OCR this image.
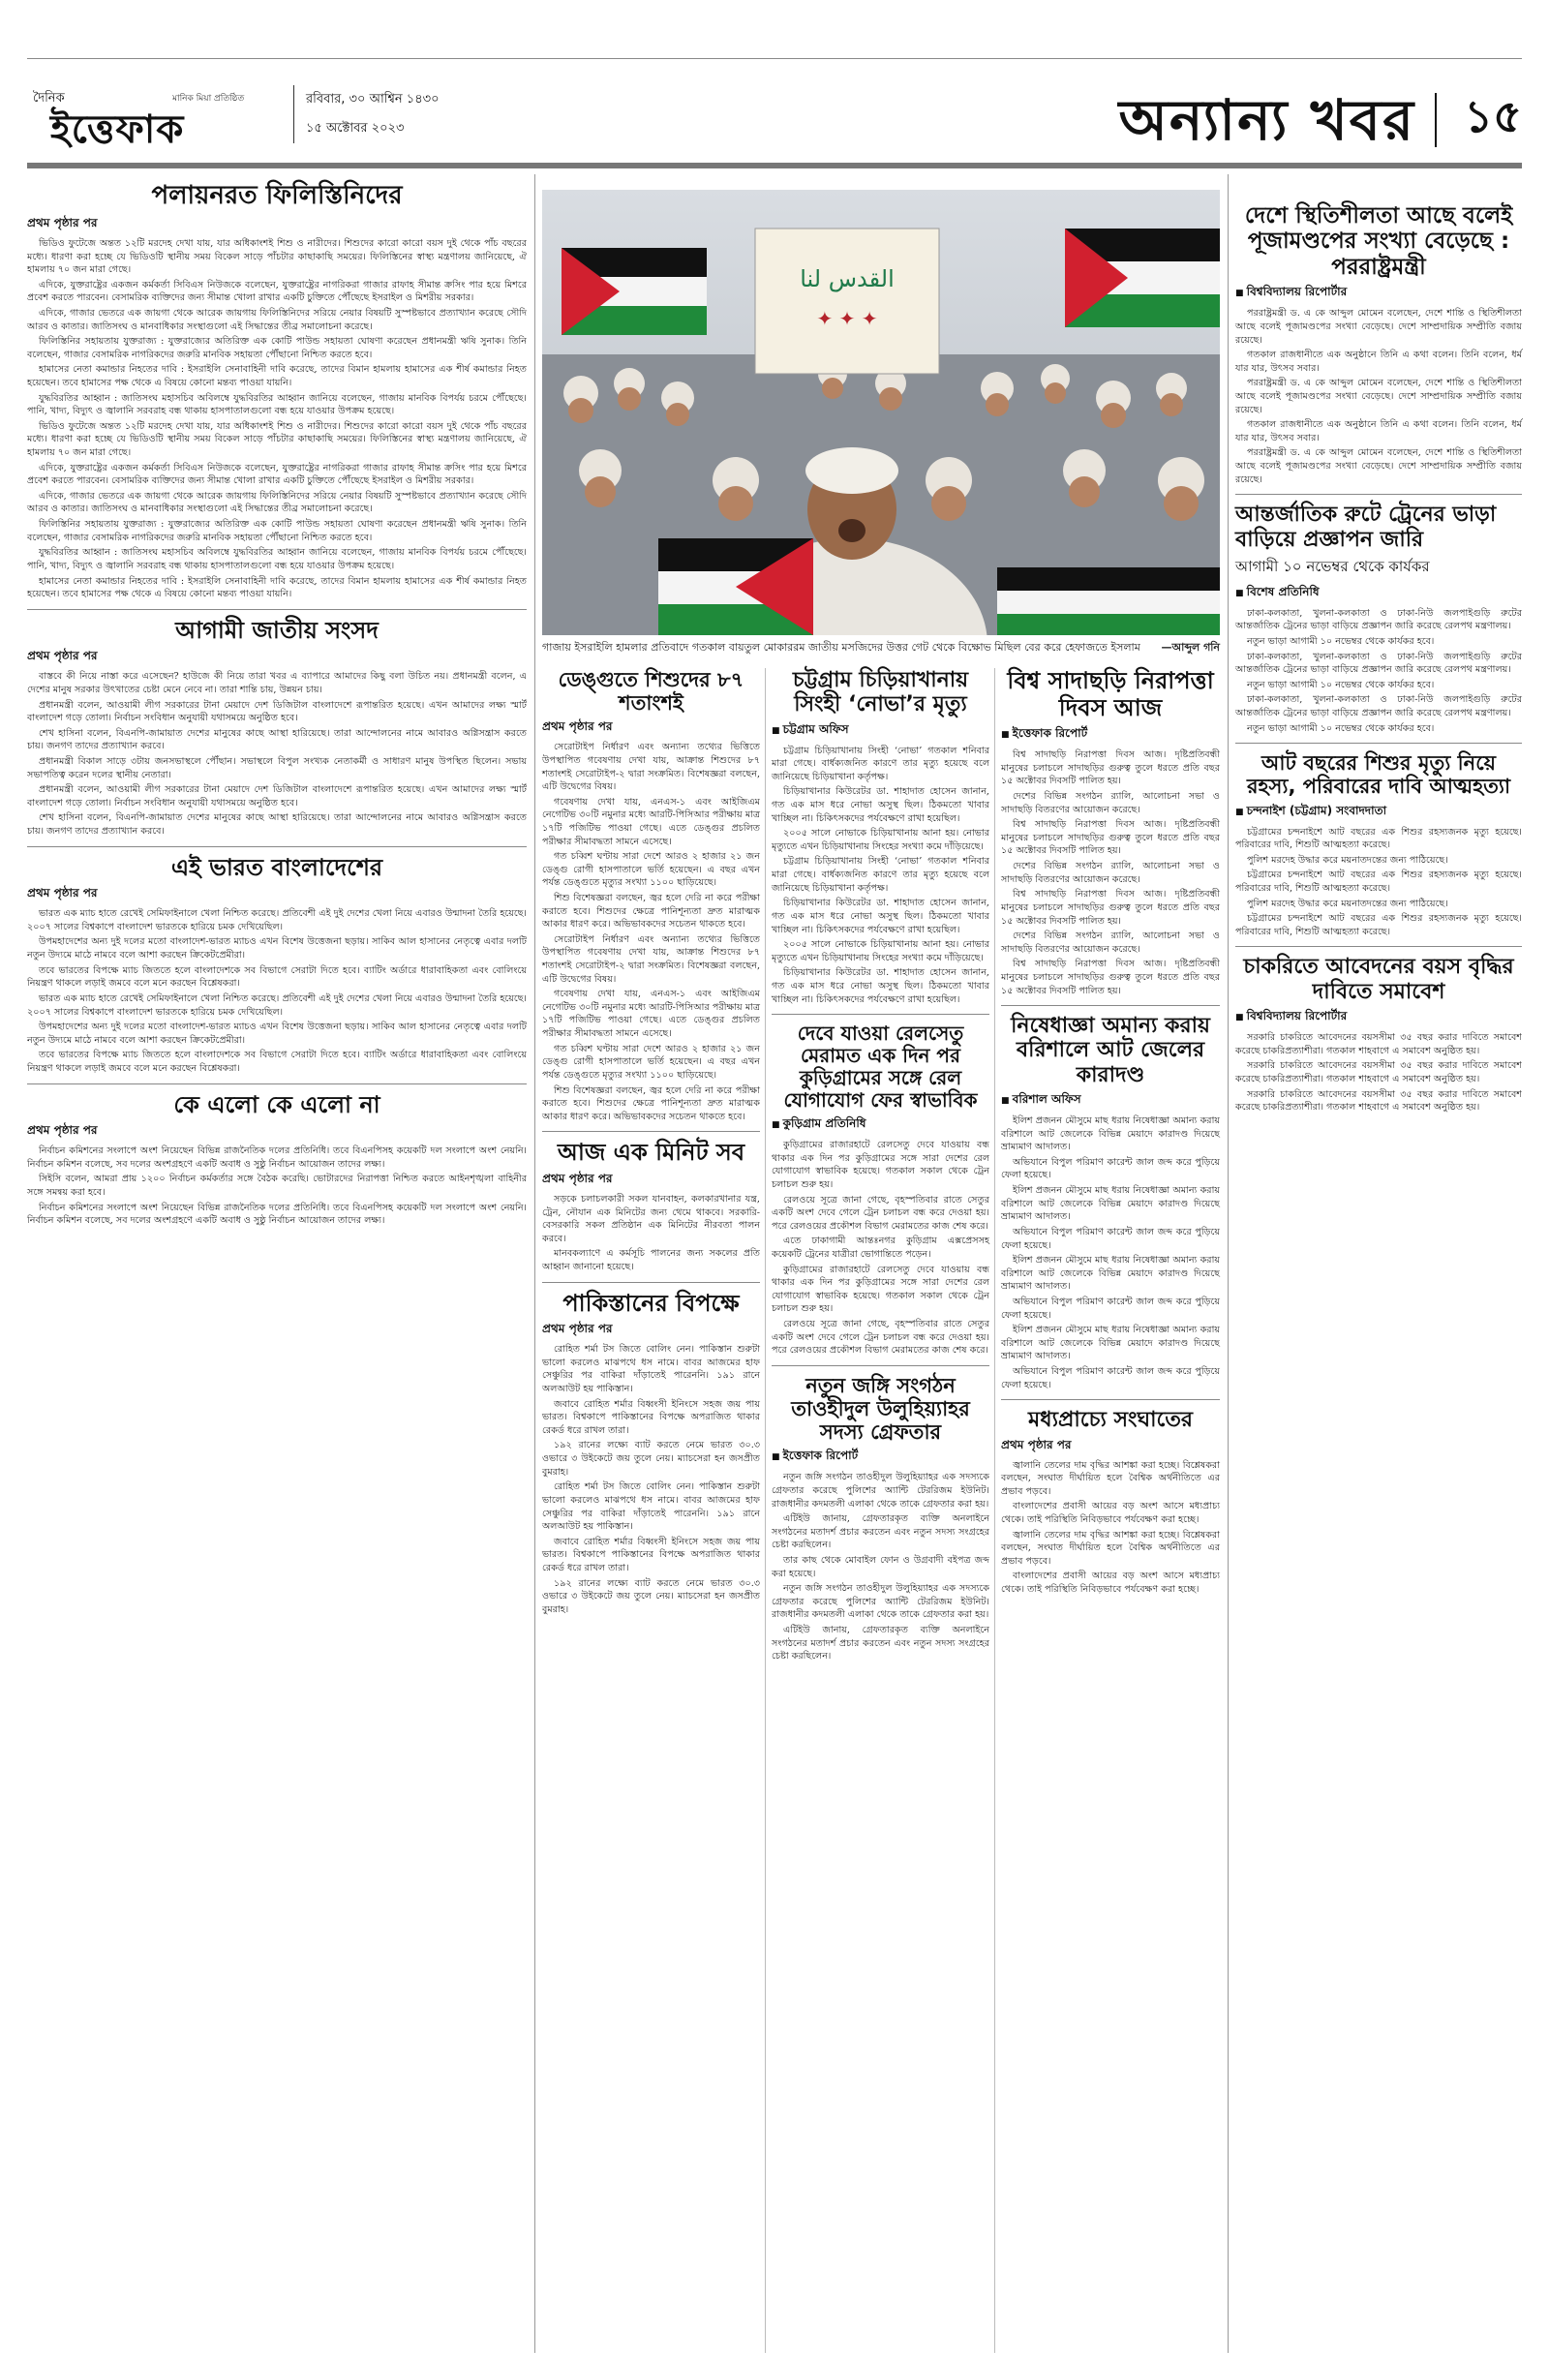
দৈনিক	মানিক মিয়া প্রতিষ্ঠিত
ইত্তেফাক
রবিবার, ৩০ আশ্বিন ১৪৩০
১৫ অক্টোবর ২০২৩	অন্যান্য খবর ১৫
পলায়নরত ফিলিস্তিনিদের
প্রথম পৃষ্ঠার পর

ভিডিও ফুটেজে অন্তত ১২টি মরদেহ দেখা যায়, যার অধিকাংশই শিশু ও নারীদের। শিশুদের কারো কারো বয়স দুই থেকে পাঁচ বছরের মধ্যে। ধারণা করা হচ্ছে যে ভিডিওটি স্থানীয় সময় বিকেল সাড়ে পাঁচটার কাছাকাছি সময়ের। ফিলিস্তিনের স্বাস্থ্য মন্ত্রণালয় জানিয়েছে, ঐ হামলায় ৭০ জন মারা গেছে।

এদিকে, যুক্তরাষ্ট্রের একজন কর্মকর্তা সিবিএস নিউজকে বলেছেন, যুক্তরাষ্ট্রের নাগরিকরা গাজার রাফাহ সীমান্ত ক্রসিং পার হয়ে মিশরে প্রবেশ করতে পারবেন। বেসামরিক ব্যক্তিদের জন্য সীমান্ত খোলা রাখার একটি চুক্তিতে পৌঁছেছে ইসরাইল ও মিশরীয় সরকার।

এদিকে, গাজার ভেতরে এক জায়গা থেকে আরেক জায়গায় ফিলিস্তিনিদের সরিয়ে নেয়ার বিষয়টি সুস্পষ্টভাবে প্রত্যাখ্যান করেছে সৌদি আরব ও কাতার। জাতিসংঘ ও মানবাধিকার সংস্থাগুলো এই সিদ্ধান্তের তীব্র সমালোচনা করেছে।

ফিলিস্তিনির সহায়তায় যুক্তরাজ্য : যুক্তরাজ্যের অতিরিক্ত এক কোটি পাউন্ড সহায়তা ঘোষণা করেছেন প্রধানমন্ত্রী ঋষি সুনাক। তিনি বলেছেন, গাজার বেসামরিক নাগরিকদের জরুরি মানবিক সহায়তা পৌঁছানো নিশ্চিত করতে হবে।

হামাসের নেতা কমান্ডার নিহতের দাবি : ইসরাইলি সেনাবাহিনী দাবি করেছে, তাদের বিমান হামলায় হামাসের এক শীর্ষ কমান্ডার নিহত হয়েছেন। তবে হামাসের পক্ষ থেকে এ বিষয়ে কোনো মন্তব্য পাওয়া যায়নি।

যুদ্ধবিরতির আহ্বান : জাতিসংঘ মহাসচিব অবিলম্বে যুদ্ধবিরতির আহ্বান জানিয়ে বলেছেন, গাজায় মানবিক বিপর্যয় চরমে পৌঁছেছে। পানি, খাদ্য, বিদ্যুৎ ও জ্বালানি সরবরাহ বন্ধ থাকায় হাসপাতালগুলো বন্ধ হয়ে যাওয়ার উপক্রম হয়েছে।

ভিডিও ফুটেজে অন্তত ১২টি মরদেহ দেখা যায়, যার অধিকাংশই শিশু ও নারীদের। শিশুদের কারো কারো বয়স দুই থেকে পাঁচ বছরের মধ্যে। ধারণা করা হচ্ছে যে ভিডিওটি স্থানীয় সময় বিকেল সাড়ে পাঁচটার কাছাকাছি সময়ের। ফিলিস্তিনের স্বাস্থ্য মন্ত্রণালয় জানিয়েছে, ঐ হামলায় ৭০ জন মারা গেছে।

এদিকে, যুক্তরাষ্ট্রের একজন কর্মকর্তা সিবিএস নিউজকে বলেছেন, যুক্তরাষ্ট্রের নাগরিকরা গাজার রাফাহ সীমান্ত ক্রসিং পার হয়ে মিশরে প্রবেশ করতে পারবেন। বেসামরিক ব্যক্তিদের জন্য সীমান্ত খোলা রাখার একটি চুক্তিতে পৌঁছেছে ইসরাইল ও মিশরীয় সরকার।

এদিকে, গাজার ভেতরে এক জায়গা থেকে আরেক জায়গায় ফিলিস্তিনিদের সরিয়ে নেয়ার বিষয়টি সুস্পষ্টভাবে প্রত্যাখ্যান করেছে সৌদি আরব ও কাতার। জাতিসংঘ ও মানবাধিকার সংস্থাগুলো এই সিদ্ধান্তের তীব্র সমালোচনা করেছে।

ফিলিস্তিনির সহায়তায় যুক্তরাজ্য : যুক্তরাজ্যের অতিরিক্ত এক কোটি পাউন্ড সহায়তা ঘোষণা করেছেন প্রধানমন্ত্রী ঋষি সুনাক। তিনি বলেছেন, গাজার বেসামরিক নাগরিকদের জরুরি মানবিক সহায়তা পৌঁছানো নিশ্চিত করতে হবে।

যুদ্ধবিরতির আহ্বান : জাতিসংঘ মহাসচিব অবিলম্বে যুদ্ধবিরতির আহ্বান জানিয়ে বলেছেন, গাজায় মানবিক বিপর্যয় চরমে পৌঁছেছে। পানি, খাদ্য, বিদ্যুৎ ও জ্বালানি সরবরাহ বন্ধ থাকায় হাসপাতালগুলো বন্ধ হয়ে যাওয়ার উপক্রম হয়েছে।

হামাসের নেতা কমান্ডার নিহতের দাবি : ইসরাইলি সেনাবাহিনী দাবি করেছে, তাদের বিমান হামলায় হামাসের এক শীর্ষ কমান্ডার নিহত হয়েছেন। তবে হামাসের পক্ষ থেকে এ বিষয়ে কোনো মন্তব্য পাওয়া যায়নি।

আগামী জাতীয় সংসদ
প্রথম পৃষ্ঠার পর

বাস্তবে কী নিয়ে নাস্তা করে এসেছেন? হাউজে কী নিয়ে তারা খবর এ ব্যাপারে আমাদের কিছু বলা উচিত নয়। প্রধানমন্ত্রী বলেন, এ দেশের মানুষ সরকার উৎখাতের চেষ্টা মেনে নেবে না। তারা শান্তি চায়, উন্নয়ন চায়।

প্রধানমন্ত্রী বলেন, আওয়ামী লীগ সরকারের টানা মেয়াদে দেশ ডিজিটাল বাংলাদেশে রূপান্তরিত হয়েছে। এখন আমাদের লক্ষ্য স্মার্ট বাংলাদেশ গড়ে তোলা। নির্বাচন সংবিধান অনুযায়ী যথাসময়ে অনুষ্ঠিত হবে।

শেখ হাসিনা বলেন, বিএনপি-জামায়াত দেশের মানুষের কাছে আস্থা হারিয়েছে। তারা আন্দোলনের নামে আবারও অগ্নিসন্ত্রাস করতে চায়। জনগণ তাদের প্রত্যাখ্যান করবে।

প্রধানমন্ত্রী বিকাল সাড়ে ৩টায় জনসভাস্থলে পৌঁছান। সভাস্থলে বিপুল সংখ্যক নেতাকর্মী ও সাধারণ মানুষ উপস্থিত ছিলেন। সভায় সভাপতিত্ব করেন দলের স্থানীয় নেতারা।

প্রধানমন্ত্রী বলেন, আওয়ামী লীগ সরকারের টানা মেয়াদে দেশ ডিজিটাল বাংলাদেশে রূপান্তরিত হয়েছে। এখন আমাদের লক্ষ্য স্মার্ট বাংলাদেশ গড়ে তোলা। নির্বাচন সংবিধান অনুযায়ী যথাসময়ে অনুষ্ঠিত হবে।

শেখ হাসিনা বলেন, বিএনপি-জামায়াত দেশের মানুষের কাছে আস্থা হারিয়েছে। তারা আন্দোলনের নামে আবারও অগ্নিসন্ত্রাস করতে চায়। জনগণ তাদের প্রত্যাখ্যান করবে।

এই ভারত বাংলাদেশের
প্রথম পৃষ্ঠার পর

ভারত এক ম্যাচ হাতে রেখেই সেমিফাইনালে খেলা নিশ্চিত করেছে। প্রতিবেশী এই দুই দেশের খেলা নিয়ে এবারও উন্মাদনা তৈরি হয়েছে। ২০০৭ সালের বিশ্বকাপে বাংলাদেশ ভারতকে হারিয়ে চমক দেখিয়েছিল।

উপমহাদেশের অন্য দুই দলের মতো বাংলাদেশ-ভারত ম্যাচও এখন বিশেষ উত্তেজনা ছড়ায়। সাকিব আল হাসানের নেতৃত্বে এবার দলটি নতুন উদ্যমে মাঠে নামবে বলে আশা করছেন ক্রিকেটপ্রেমীরা।

তবে ভারতের বিপক্ষে ম্যাচ জিততে হলে বাংলাদেশকে সব বিভাগে সেরাটা দিতে হবে। ব্যাটিং অর্ডারে ধারাবাহিকতা এবং বোলিংয়ে নিয়ন্ত্রণ থাকলে লড়াই জমবে বলে মনে করছেন বিশ্লেষকরা।

ভারত এক ম্যাচ হাতে রেখেই সেমিফাইনালে খেলা নিশ্চিত করেছে। প্রতিবেশী এই দুই দেশের খেলা নিয়ে এবারও উন্মাদনা তৈরি হয়েছে। ২০০৭ সালের বিশ্বকাপে বাংলাদেশ ভারতকে হারিয়ে চমক দেখিয়েছিল।

উপমহাদেশের অন্য দুই দলের মতো বাংলাদেশ-ভারত ম্যাচও এখন বিশেষ উত্তেজনা ছড়ায়। সাকিব আল হাসানের নেতৃত্বে এবার দলটি নতুন উদ্যমে মাঠে নামবে বলে আশা করছেন ক্রিকেটপ্রেমীরা।

তবে ভারতের বিপক্ষে ম্যাচ জিততে হলে বাংলাদেশকে সব বিভাগে সেরাটা দিতে হবে। ব্যাটিং অর্ডারে ধারাবাহিকতা এবং বোলিংয়ে নিয়ন্ত্রণ থাকলে লড়াই জমবে বলে মনে করছেন বিশ্লেষকরা।

কে এলো কে এলো না
প্রথম পৃষ্ঠার পর

নির্বাচন কমিশনের সংলাপে অংশ নিয়েছেন বিভিন্ন রাজনৈতিক দলের প্রতিনিধি। তবে বিএনপিসহ কয়েকটি দল সংলাপে অংশ নেয়নি। নির্বাচন কমিশন বলেছে, সব দলের অংশগ্রহণে একটি অবাধ ও সুষ্ঠু নির্বাচন আয়োজন তাদের লক্ষ্য।

সিইসি বলেন, আমরা প্রায় ১২০০ নির্বাচন কর্মকর্তার সঙ্গে বৈঠক করেছি। ভোটারদের নিরাপত্তা নিশ্চিত করতে আইনশৃঙ্খলা বাহিনীর সঙ্গে সমন্বয় করা হবে।

নির্বাচন কমিশনের সংলাপে অংশ নিয়েছেন বিভিন্ন রাজনৈতিক দলের প্রতিনিধি। তবে বিএনপিসহ কয়েকটি দল সংলাপে অংশ নেয়নি। নির্বাচন কমিশন বলেছে, সব দলের অংশগ্রহণে একটি অবাধ ও সুষ্ঠু নির্বাচন আয়োজন তাদের লক্ষ্য।

القدس لنا
✦ ✦ ✦
গাজায় ইসরাইলি হামলার প্রতিবাদে গতকাল বায়তুল মোকাররম জাতীয় মসজিদের উত্তর গেট থেকে বিক্ষোভ মিছিল বের করে হেফাজতে ইসলাম —আব্দুল গনি
ডেঙ্গুতে শিশুদের ৮৭ শতাংশই
প্রথম পৃষ্ঠার পর

সেরোটাইপ নির্ধারণ এবং অন্যান্য তথ্যের ভিত্তিতে উপস্থাপিত গবেষণায় দেখা যায়, আক্রান্ত শিশুদের ৮৭ শতাংশই সেরোটাইপ-২ দ্বারা সংক্রমিত। বিশেষজ্ঞরা বলছেন, এটি উদ্বেগের বিষয়।

গবেষণায় দেখা যায়, এনএস-১ এবং আইজিএম নেগেটিভ ৩০টি নমুনার মধ্যে আরটি-পিসিআর পরীক্ষায় মাত্র ১৭টি পজিটিভ পাওয়া গেছে। এতে ডেঙ্গুর প্রচলিত পরীক্ষার সীমাবদ্ধতা সামনে এসেছে।

গত চব্বিশ ঘণ্টায় সারা দেশে আরও ২ হাজার ২১ জন ডেঙ্গু রোগী হাসপাতালে ভর্তি হয়েছেন। এ বছর এখন পর্যন্ত ডেঙ্গুতে মৃত্যুর সংখ্যা ১১০০ ছাড়িয়েছে।

শিশু বিশেষজ্ঞরা বলছেন, জ্বর হলে দেরি না করে পরীক্ষা করাতে হবে। শিশুদের ক্ষেত্রে পানিশূন্যতা দ্রুত মারাত্মক আকার ধারণ করে। অভিভাবকদের সচেতন থাকতে হবে।

সেরোটাইপ নির্ধারণ এবং অন্যান্য তথ্যের ভিত্তিতে উপস্থাপিত গবেষণায় দেখা যায়, আক্রান্ত শিশুদের ৮৭ শতাংশই সেরোটাইপ-২ দ্বারা সংক্রমিত। বিশেষজ্ঞরা বলছেন, এটি উদ্বেগের বিষয়।

গবেষণায় দেখা যায়, এনএস-১ এবং আইজিএম নেগেটিভ ৩০টি নমুনার মধ্যে আরটি-পিসিআর পরীক্ষায় মাত্র ১৭টি পজিটিভ পাওয়া গেছে। এতে ডেঙ্গুর প্রচলিত পরীক্ষার সীমাবদ্ধতা সামনে এসেছে।

গত চব্বিশ ঘণ্টায় সারা দেশে আরও ২ হাজার ২১ জন ডেঙ্গু রোগী হাসপাতালে ভর্তি হয়েছেন। এ বছর এখন পর্যন্ত ডেঙ্গুতে মৃত্যুর সংখ্যা ১১০০ ছাড়িয়েছে।

শিশু বিশেষজ্ঞরা বলছেন, জ্বর হলে দেরি না করে পরীক্ষা করাতে হবে। শিশুদের ক্ষেত্রে পানিশূন্যতা দ্রুত মারাত্মক আকার ধারণ করে। অভিভাবকদের সচেতন থাকতে হবে।

আজ এক মিনিট সব
প্রথম পৃষ্ঠার পর

সড়কে চলাচলকারী সকল যানবাহন, কলকারখানার যন্ত্র, ট্রেন, নৌযান এক মিনিটের জন্য থেমে থাকবে। সরকারি-বেসরকারি সকল প্রতিষ্ঠান এক মিনিটের নীরবতা পালন করবে।

মানবকল্যাণে এ কর্মসূচি পালনের জন্য সকলের প্রতি আহ্বান জানানো হয়েছে।

পাকিস্তানের বিপক্ষে
প্রথম পৃষ্ঠার পর

রোহিত শর্মা টস জিতে বোলিং নেন। পাকিস্তান শুরুটা ভালো করলেও মাঝপথে ধস নামে। বাবর আজমের হাফ সেঞ্চুরির পর বাকিরা দাঁড়াতেই পারেননি। ১৯১ রানে অলআউট হয় পাকিস্তান।

জবাবে রোহিত শর্মার বিধ্বংসী ইনিংসে সহজ জয় পায় ভারত। বিশ্বকাপে পাকিস্তানের বিপক্ষে অপরাজিত থাকার রেকর্ড ধরে রাখল তারা।

১৯২ রানের লক্ষ্যে ব্যাট করতে নেমে ভারত ৩০.৩ ওভারে ৩ উইকেটে জয় তুলে নেয়। ম্যাচসেরা হন জসপ্রীত বুমরাহ।

রোহিত শর্মা টস জিতে বোলিং নেন। পাকিস্তান শুরুটা ভালো করলেও মাঝপথে ধস নামে। বাবর আজমের হাফ সেঞ্চুরির পর বাকিরা দাঁড়াতেই পারেননি। ১৯১ রানে অলআউট হয় পাকিস্তান।

জবাবে রোহিত শর্মার বিধ্বংসী ইনিংসে সহজ জয় পায় ভারত। বিশ্বকাপে পাকিস্তানের বিপক্ষে অপরাজিত থাকার রেকর্ড ধরে রাখল তারা।

১৯২ রানের লক্ষ্যে ব্যাট করতে নেমে ভারত ৩০.৩ ওভারে ৩ উইকেটে জয় তুলে নেয়। ম্যাচসেরা হন জসপ্রীত বুমরাহ।

চট্টগ্রাম চিড়িয়াখানায় সিংহী ‘নোভা’র মৃত্যু
■ চট্টগ্রাম অফিস

চট্টগ্রাম চিড়িয়াখানায় সিংহী ‘নোভা’ গতকাল শনিবার মারা গেছে। বার্ধক্যজনিত কারণে তার মৃত্যু হয়েছে বলে জানিয়েছে চিড়িয়াখানা কর্তৃপক্ষ।

চিড়িয়াখানার কিউরেটর ডা. শাহাদাত হোসেন জানান, গত এক মাস ধরে নোভা অসুস্থ ছিল। ঠিকমতো খাবার খাচ্ছিল না। চিকিৎসকদের পর্যবেক্ষণে রাখা হয়েছিল।

২০০৫ সালে নোভাকে চিড়িয়াখানায় আনা হয়। নোভার মৃত্যুতে এখন চিড়িয়াখানায় সিংহের সংখ্যা কমে দাঁড়িয়েছে।

চট্টগ্রাম চিড়িয়াখানায় সিংহী ‘নোভা’ গতকাল শনিবার মারা গেছে। বার্ধক্যজনিত কারণে তার মৃত্যু হয়েছে বলে জানিয়েছে চিড়িয়াখানা কর্তৃপক্ষ।

চিড়িয়াখানার কিউরেটর ডা. শাহাদাত হোসেন জানান, গত এক মাস ধরে নোভা অসুস্থ ছিল। ঠিকমতো খাবার খাচ্ছিল না। চিকিৎসকদের পর্যবেক্ষণে রাখা হয়েছিল।

২০০৫ সালে নোভাকে চিড়িয়াখানায় আনা হয়। নোভার মৃত্যুতে এখন চিড়িয়াখানায় সিংহের সংখ্যা কমে দাঁড়িয়েছে।

চিড়িয়াখানার কিউরেটর ডা. শাহাদাত হোসেন জানান, গত এক মাস ধরে নোভা অসুস্থ ছিল। ঠিকমতো খাবার খাচ্ছিল না। চিকিৎসকদের পর্যবেক্ষণে রাখা হয়েছিল।

দেবে যাওয়া রেলসেতু মেরামত এক দিন পর কুড়িগ্রামের সঙ্গে রেল যোগাযোগ ফের স্বাভাবিক
■ কুড়িগ্রাম প্রতিনিধি

কুড়িগ্রামের রাজারহাটে রেলসেতু দেবে যাওয়ায় বন্ধ থাকার এক দিন পর কুড়িগ্রামের সঙ্গে সারা দেশের রেল যোগাযোগ স্বাভাবিক হয়েছে। গতকাল সকাল থেকে ট্রেন চলাচল শুরু হয়।

রেলওয়ে সূত্রে জানা গেছে, বৃহস্পতিবার রাতে সেতুর একটি অংশ দেবে গেলে ট্রেন চলাচল বন্ধ করে দেওয়া হয়। পরে রেলওয়ের প্রকৌশল বিভাগ মেরামতের কাজ শেষ করে।

এতে ঢাকাগামী আন্তঃনগর কুড়িগ্রাম এক্সপ্রেসসহ কয়েকটি ট্রেনের যাত্রীরা ভোগান্তিতে পড়েন।

কুড়িগ্রামের রাজারহাটে রেলসেতু দেবে যাওয়ায় বন্ধ থাকার এক দিন পর কুড়িগ্রামের সঙ্গে সারা দেশের রেল যোগাযোগ স্বাভাবিক হয়েছে। গতকাল সকাল থেকে ট্রেন চলাচল শুরু হয়।

রেলওয়ে সূত্রে জানা গেছে, বৃহস্পতিবার রাতে সেতুর একটি অংশ দেবে গেলে ট্রেন চলাচল বন্ধ করে দেওয়া হয়। পরে রেলওয়ের প্রকৌশল বিভাগ মেরামতের কাজ শেষ করে।

নতুন জঙ্গি সংগঠন তাওহীদুল উলুহিয়্যাহর সদস্য গ্রেফতার
■ ইত্তেফাক রিপোর্ট

নতুন জঙ্গি সংগঠন তাওহীদুল উলুহিয়্যাহর এক সদস্যকে গ্রেফতার করেছে পুলিশের অ্যান্টি টেররিজম ইউনিট। রাজধানীর কদমতলী এলাকা থেকে তাকে গ্রেফতার করা হয়।

এটিইউ জানায়, গ্রেফতারকৃত ব্যক্তি অনলাইনে সংগঠনের মতাদর্শ প্রচার করতেন এবং নতুন সদস্য সংগ্রহের চেষ্টা করছিলেন।

তার কাছ থেকে মোবাইল ফোন ও উগ্রবাদী বইপত্র জব্দ করা হয়েছে।

নতুন জঙ্গি সংগঠন তাওহীদুল উলুহিয়্যাহর এক সদস্যকে গ্রেফতার করেছে পুলিশের অ্যান্টি টেররিজম ইউনিট। রাজধানীর কদমতলী এলাকা থেকে তাকে গ্রেফতার করা হয়।

এটিইউ জানায়, গ্রেফতারকৃত ব্যক্তি অনলাইনে সংগঠনের মতাদর্শ প্রচার করতেন এবং নতুন সদস্য সংগ্রহের চেষ্টা করছিলেন।

বিশ্ব সাদাছড়ি নিরাপত্তা দিবস আজ
■ ইত্তেফাক রিপোর্ট

বিশ্ব সাদাছড়ি নিরাপত্তা দিবস আজ। দৃষ্টিপ্রতিবন্ধী মানুষের চলাচলে সাদাছড়ির গুরুত্ব তুলে ধরতে প্রতি বছর ১৫ অক্টোবর দিবসটি পালিত হয়।

দেশের বিভিন্ন সংগঠন র‌্যালি, আলোচনা সভা ও সাদাছড়ি বিতরণের আয়োজন করেছে।

বিশ্ব সাদাছড়ি নিরাপত্তা দিবস আজ। দৃষ্টিপ্রতিবন্ধী মানুষের চলাচলে সাদাছড়ির গুরুত্ব তুলে ধরতে প্রতি বছর ১৫ অক্টোবর দিবসটি পালিত হয়।

দেশের বিভিন্ন সংগঠন র‌্যালি, আলোচনা সভা ও সাদাছড়ি বিতরণের আয়োজন করেছে।

বিশ্ব সাদাছড়ি নিরাপত্তা দিবস আজ। দৃষ্টিপ্রতিবন্ধী মানুষের চলাচলে সাদাছড়ির গুরুত্ব তুলে ধরতে প্রতি বছর ১৫ অক্টোবর দিবসটি পালিত হয়।

দেশের বিভিন্ন সংগঠন র‌্যালি, আলোচনা সভা ও সাদাছড়ি বিতরণের আয়োজন করেছে।

বিশ্ব সাদাছড়ি নিরাপত্তা দিবস আজ। দৃষ্টিপ্রতিবন্ধী মানুষের চলাচলে সাদাছড়ির গুরুত্ব তুলে ধরতে প্রতি বছর ১৫ অক্টোবর দিবসটি পালিত হয়।

নিষেধাজ্ঞা অমান্য করায় বরিশালে আট জেলের কারাদণ্ড
■ বরিশাল অফিস

ইলিশ প্রজনন মৌসুমে মাছ ধরায় নিষেধাজ্ঞা অমান্য করায় বরিশালে আট জেলেকে বিভিন্ন মেয়াদে কারাদণ্ড দিয়েছে ভ্রাম্যমাণ আদালত।

অভিযানে বিপুল পরিমাণ কারেন্ট জাল জব্দ করে পুড়িয়ে ফেলা হয়েছে।

ইলিশ প্রজনন মৌসুমে মাছ ধরায় নিষেধাজ্ঞা অমান্য করায় বরিশালে আট জেলেকে বিভিন্ন মেয়াদে কারাদণ্ড দিয়েছে ভ্রাম্যমাণ আদালত।

অভিযানে বিপুল পরিমাণ কারেন্ট জাল জব্দ করে পুড়িয়ে ফেলা হয়েছে।

ইলিশ প্রজনন মৌসুমে মাছ ধরায় নিষেধাজ্ঞা অমান্য করায় বরিশালে আট জেলেকে বিভিন্ন মেয়াদে কারাদণ্ড দিয়েছে ভ্রাম্যমাণ আদালত।

অভিযানে বিপুল পরিমাণ কারেন্ট জাল জব্দ করে পুড়িয়ে ফেলা হয়েছে।

ইলিশ প্রজনন মৌসুমে মাছ ধরায় নিষেধাজ্ঞা অমান্য করায় বরিশালে আট জেলেকে বিভিন্ন মেয়াদে কারাদণ্ড দিয়েছে ভ্রাম্যমাণ আদালত।

অভিযানে বিপুল পরিমাণ কারেন্ট জাল জব্দ করে পুড়িয়ে ফেলা হয়েছে।

মধ্যপ্রাচ্যে সংঘাতের
প্রথম পৃষ্ঠার পর

জ্বালানি তেলের দাম বৃদ্ধির আশঙ্কা করা হচ্ছে। বিশ্লেষকরা বলছেন, সংঘাত দীর্ঘায়িত হলে বৈশ্বিক অর্থনীতিতে এর প্রভাব পড়বে।

বাংলাদেশের প্রবাসী আয়ের বড় অংশ আসে মধ্যপ্রাচ্য থেকে। তাই পরিস্থিতি নিবিড়ভাবে পর্যবেক্ষণ করা হচ্ছে।

জ্বালানি তেলের দাম বৃদ্ধির আশঙ্কা করা হচ্ছে। বিশ্লেষকরা বলছেন, সংঘাত দীর্ঘায়িত হলে বৈশ্বিক অর্থনীতিতে এর প্রভাব পড়বে।

বাংলাদেশের প্রবাসী আয়ের বড় অংশ আসে মধ্যপ্রাচ্য থেকে। তাই পরিস্থিতি নিবিড়ভাবে পর্যবেক্ষণ করা হচ্ছে।

দেশে স্থিতিশীলতা আছে বলেই পূজামণ্ডপের সংখ্যা বেড়েছে : পররাষ্ট্রমন্ত্রী
■ বিশ্ববিদ্যালয় রিপোর্টার

পররাষ্ট্রমন্ত্রী ড. এ কে আব্দুল মোমেন বলেছেন, দেশে শান্তি ও স্থিতিশীলতা আছে বলেই পূজামণ্ডপের সংখ্যা বেড়েছে। দেশে সাম্প্রদায়িক সম্প্রীতি বজায় রয়েছে।

গতকাল রাজধানীতে এক অনুষ্ঠানে তিনি এ কথা বলেন। তিনি বলেন, ধর্ম যার যার, উৎসব সবার।

পররাষ্ট্রমন্ত্রী ড. এ কে আব্দুল মোমেন বলেছেন, দেশে শান্তি ও স্থিতিশীলতা আছে বলেই পূজামণ্ডপের সংখ্যা বেড়েছে। দেশে সাম্প্রদায়িক সম্প্রীতি বজায় রয়েছে।

গতকাল রাজধানীতে এক অনুষ্ঠানে তিনি এ কথা বলেন। তিনি বলেন, ধর্ম যার যার, উৎসব সবার।

পররাষ্ট্রমন্ত্রী ড. এ কে আব্দুল মোমেন বলেছেন, দেশে শান্তি ও স্থিতিশীলতা আছে বলেই পূজামণ্ডপের সংখ্যা বেড়েছে। দেশে সাম্প্রদায়িক সম্প্রীতি বজায় রয়েছে।

আন্তর্জাতিক রুটে ট্রেনের ভাড়া বাড়িয়ে প্রজ্ঞাপন জারি
আগামী ১০ নভেম্বর থেকে কার্যকর
■ বিশেষ প্রতিনিধি

ঢাকা-কলকাতা, খুলনা-কলকাতা ও ঢাকা-নিউ জলপাইগুড়ি রুটের আন্তর্জাতিক ট্রেনের ভাড়া বাড়িয়ে প্রজ্ঞাপন জারি করেছে রেলপথ মন্ত্রণালয়।

নতুন ভাড়া আগামী ১০ নভেম্বর থেকে কার্যকর হবে।

ঢাকা-কলকাতা, খুলনা-কলকাতা ও ঢাকা-নিউ জলপাইগুড়ি রুটের আন্তর্জাতিক ট্রেনের ভাড়া বাড়িয়ে প্রজ্ঞাপন জারি করেছে রেলপথ মন্ত্রণালয়।

নতুন ভাড়া আগামী ১০ নভেম্বর থেকে কার্যকর হবে।

ঢাকা-কলকাতা, খুলনা-কলকাতা ও ঢাকা-নিউ জলপাইগুড়ি রুটের আন্তর্জাতিক ট্রেনের ভাড়া বাড়িয়ে প্রজ্ঞাপন জারি করেছে রেলপথ মন্ত্রণালয়।

নতুন ভাড়া আগামী ১০ নভেম্বর থেকে কার্যকর হবে।

আট বছরের শিশুর মৃত্যু নিয়ে রহস্য, পরিবারের দাবি আত্মহত্যা
■ চন্দনাইশ (চট্টগ্রাম) সংবাদদাতা

চট্টগ্রামের চন্দনাইশে আট বছরের এক শিশুর রহস্যজনক মৃত্যু হয়েছে। পরিবারের দাবি, শিশুটি আত্মহত্যা করেছে।

পুলিশ মরদেহ উদ্ধার করে ময়নাতদন্তের জন্য পাঠিয়েছে।

চট্টগ্রামের চন্দনাইশে আট বছরের এক শিশুর রহস্যজনক মৃত্যু হয়েছে। পরিবারের দাবি, শিশুটি আত্মহত্যা করেছে।

পুলিশ মরদেহ উদ্ধার করে ময়নাতদন্তের জন্য পাঠিয়েছে।

চট্টগ্রামের চন্দনাইশে আট বছরের এক শিশুর রহস্যজনক মৃত্যু হয়েছে। পরিবারের দাবি, শিশুটি আত্মহত্যা করেছে।

চাকরিতে আবেদনের বয়স বৃদ্ধির দাবিতে সমাবেশ
■ বিশ্ববিদ্যালয় রিপোর্টার

সরকারি চাকরিতে আবেদনের বয়সসীমা ৩৫ বছর করার দাবিতে সমাবেশ করেছে চাকরিপ্রত্যাশীরা। গতকাল শাহবাগে এ সমাবেশ অনুষ্ঠিত হয়।

সরকারি চাকরিতে আবেদনের বয়সসীমা ৩৫ বছর করার দাবিতে সমাবেশ করেছে চাকরিপ্রত্যাশীরা। গতকাল শাহবাগে এ সমাবেশ অনুষ্ঠিত হয়।

সরকারি চাকরিতে আবেদনের বয়সসীমা ৩৫ বছর করার দাবিতে সমাবেশ করেছে চাকরিপ্রত্যাশীরা। গতকাল শাহবাগে এ সমাবেশ অনুষ্ঠিত হয়।
